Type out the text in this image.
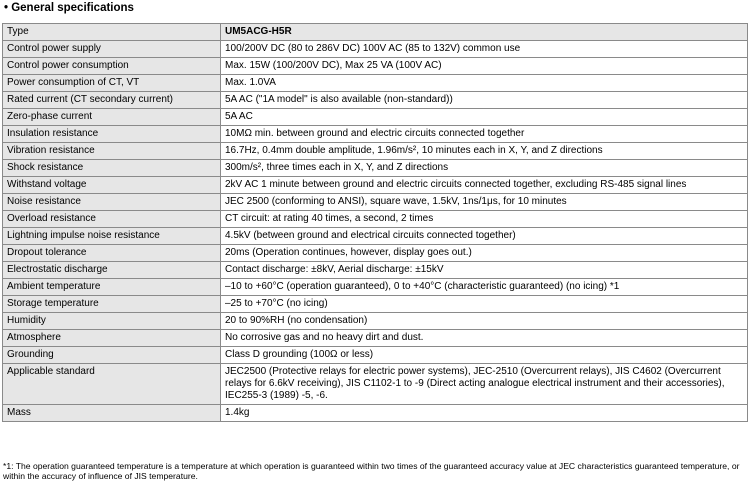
• General specifications
Type	UM5ACG-H5R
Control power supply	100/200V DC (80 to 286V DC) 100V AC (85 to 132V) common use
Control power consumption	Max. 15W (100/200V DC), Max 25 VA (100V AC)
Power consumption of CT, VT	Max. 1.0VA
Rated current (CT secondary current)	5A AC ("1A model" is also available (non-standard))
Zero-phase current	5A AC
Insulation resistance	10MΩ min. between ground and electric circuits connected together
Vibration resistance	16.7Hz, 0.4mm double amplitude, 1.96m/s², 10 minutes each in X, Y, and Z directions
Shock resistance	300m/s², three times each in X, Y, and Z directions
Withstand voltage	2kV AC 1 minute between ground and electric circuits connected together, excluding RS-485 signal lines
Noise resistance	JEC 2500 (conforming to ANSI), square wave, 1.5kV, 1ns/1μs, for 10 minutes
Overload resistance	CT circuit: at rating 40 times, a second, 2 times
Lightning impulse noise resistance	4.5kV (between ground and electrical circuits connected together)
Dropout tolerance	20ms (Operation continues, however, display goes out.)
Electrostatic discharge	Contact discharge: ±8kV, Aerial discharge: ±15kV
Ambient temperature	–10 to +60°C (operation guaranteed), 0 to +40°C (characteristic guaranteed) (no icing) *1
Storage temperature	–25 to +70°C (no icing)
Humidity	20 to 90%RH (no condensation)
Atmosphere	No corrosive gas and no heavy dirt and dust.
Grounding	Class D grounding (100Ω or less)
Applicable standard	JEC2500 (Protective relays for electric power systems), JEC-2510 (Overcurrent relays), JIS C4602 (Overcurrent relays for 6.6kV receiving), JIS C1102-1 to -9 (Direct acting analogue electrical instrument and their accessories), IEC255-3 (1989) -5, -6.
Mass	1.4kg
*1: The operation guaranteed temperature is a temperature at which operation is guaranteed within two times of the guaranteed accuracy value at JEC characteristics guaranteed temperature, or within the accuracy of influence of JIS temperature.
